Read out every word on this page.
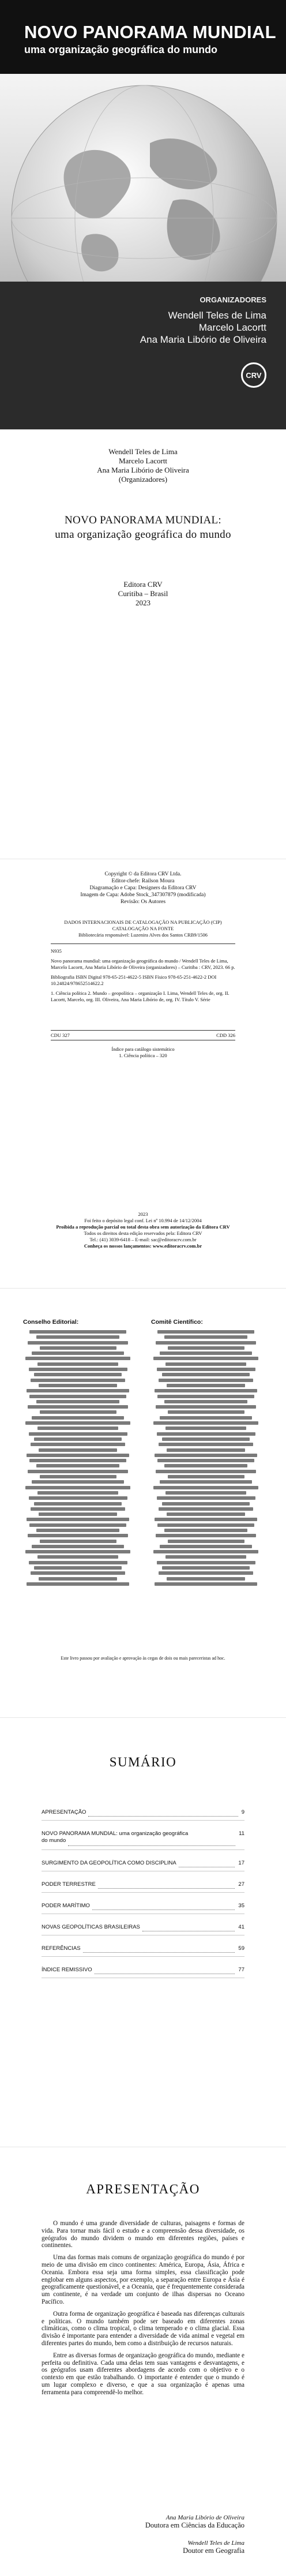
NOVO PANORAMA MUNDIAL
uma organização geográfica do mundo
ORGANIZADORES
Wendell Teles de Lima
Marcelo Lacortt
Ana Maria Libório de Oliveira
CRV
Wendell Teles de Lima
Marcelo Lacortt
Ana Maria Libório de Oliveira
(Organizadores)
NOVO PANORAMA MUNDIAL:
uma organização geográfica do mundo
Editora CRV
Curitiba – Brasil
2023
Copyright © da Editora CRV Ltda.
Editor-chefe: Railson Moura
Diagramação e Capa: Designers da Editora CRV
Imagem de Capa: Adobe Stock_347307879 (modificada)
Revisão: Os Autores
DADOS INTERNACIONAIS DE CATALOGAÇÃO NA PUBLICAÇÃO (CIP) CATALOGAÇÃO NA FONTE
Bibliotecária responsável: Luzenira Alves dos Santos CRB9/1506
N935
Novo panorama mundial: uma organização geográfica do mundo / Wendell Teles de Lima, Marcelo Lacortt, Ana Maria Libório de Oliveira (organizadores) – Curitiba : CRV, 2023. 66 p.
Bibliografia ISBN Digital 978-65-251-4622-5 ISBN Físico 978-65-251-4622-2 DOI 10.24824/978652514622.2
1. Ciência política 2. Mundo – geopolítica – organização I. Lima, Wendell Teles de, org. II. Lacortt, Marcelo, org. III. Oliveira, Ana Maria Libório de, org. IV. Título V. Série
CDU 327	CDD 326
Índice para catálogo sistemático
1. Ciência política – 320
2023
Foi feito o depósito legal conf. Lei nº 10.994 de 14/12/2004
Proibida a reprodução parcial ou total desta obra sem autorização da Editora CRV
Todos os direitos desta edição reservados pela: Editora CRV
Tel.: (41) 3039-6418 – E-mail: sac@editoracrv.com.br
Conheça os nossos lançamentos: www.editoracrv.com.br
Conselho Editorial:	Comitê Científico:
Este livro passou por avaliação e aprovação às cegas de dois ou mais pareceristas ad hoc.
SUMÁRIO
APRESENTAÇÃO	9
NOVO PANORAMA MUNDIAL: uma organização geográfica do mundo
11
SURGIMENTO DA GEOPOLÍTICA COMO DISCIPLINA	17
PODER TERRESTRE	27
PODER MARÍTIMO	35
NOVAS GEOPOLÍTICAS BRASILEIRAS	41
REFERÊNCIAS	59
ÍNDICE REMISSIVO	77
APRESENTAÇÃO

O mundo é uma grande diversidade de culturas, paisagens e formas de vida. Para tornar mais fácil o estudo e a compreensão dessa diversidade, os geógrafos do mundo dividem o mundo em diferentes regiões, países e continentes.

Uma das formas mais comuns de organização geográfica do mundo é por meio de uma divisão em cinco continentes: América, Europa, Ásia, África e Oceania. Embora essa seja uma forma simples, essa classificação pode englobar em alguns aspectos, por exemplo, a separação entre Europa e Ásia é geograficamente questionável, e a Oceania, que é frequentemente considerada um continente, é na verdade um conjunto de ilhas dispersas no Oceano Pacífico.

Outra forma de organização geográfica é baseada nas diferenças culturais e políticas. O mundo também pode ser baseado em diferentes zonas climáticas, como o clima tropical, o clima temperado e o clima glacial. Essa divisão é importante para entender a diversidade de vida animal e vegetal em diferentes partes do mundo, bem como a distribuição de recursos naturais.

Entre as diversas formas de organização geográfica do mundo, mediante e perfeita ou definitiva. Cada uma delas tem suas vantagens e desvantagens, e os geógrafos usam diferentes abordagens de acordo com o objetivo e o contexto em que estão trabalhando. O importante é entender que o mundo é um lugar complexo e diverso, e que a sua organização é apenas uma ferramenta para compreendê-lo melhor.

Ana Maria Libório de Oliveira
Doutora em Ciências da Educação
Wendell Teles de Lima
Doutor em Geografia
